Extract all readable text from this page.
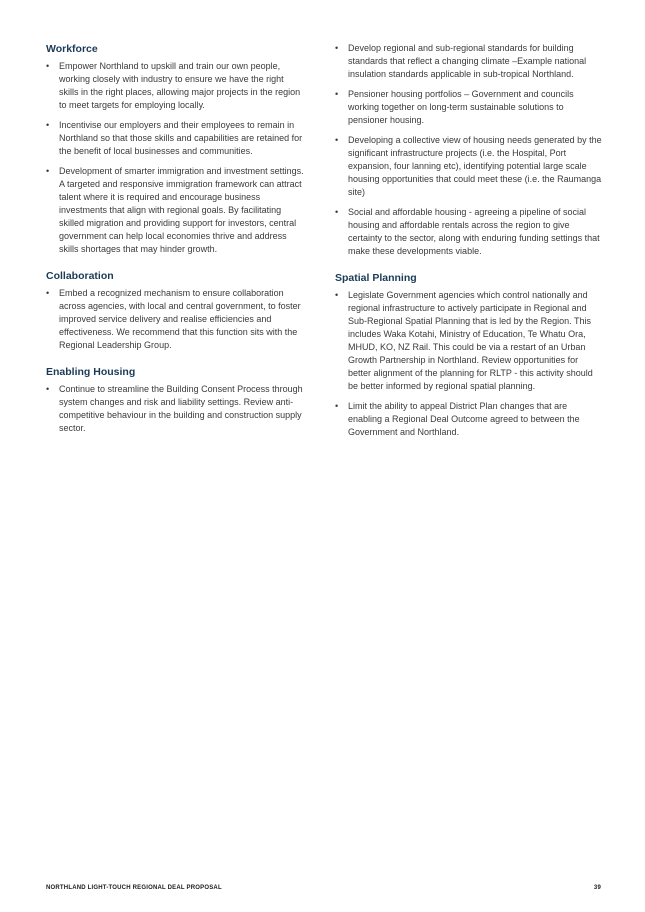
Workforce
• Empower Northland to upskill and train our own people, working closely with industry to ensure we have the right skills in the right places, allowing major projects in the region to meet targets for employing locally.
• Incentivise our employers and their employees to remain in Northland so that those skills and capabilities are retained for the benefit of local businesses and communities.
• Development of smarter immigration and investment settings. A targeted and responsive immigration framework can attract talent where it is required and encourage business investments that align with regional goals. By facilitating skilled migration and providing support for investors, central government can help local economies thrive and address skills shortages that may hinder growth.
Collaboration
• Embed a recognized mechanism to ensure collaboration across agencies, with local and central government, to foster improved service delivery and realise efficiencies and effectiveness. We recommend that this function sits with the Regional Leadership Group.
Enabling Housing
• Continue to streamline the Building Consent Process through system changes and risk and liability settings. Review anti-competitive behaviour in the building and construction supply sector.
• Develop regional and sub-regional standards for building standards that reflect a changing climate –Example national insulation standards applicable in sub-tropical Northland.
• Pensioner housing portfolios – Government and councils working together on long-term sustainable solutions to pensioner housing.
• Developing a collective view of housing needs generated by the significant infrastructure projects (i.e. the Hospital, Port expansion, four lanning etc), identifying potential large scale housing opportunities that could meet these (i.e. the Raumanga site)
• Social and affordable housing - agreeing a pipeline of social housing and affordable rentals across the region to give certainty to the sector, along with enduring funding settings that make these developments viable.
Spatial Planning
• Legislate Government agencies which control nationally and regional infrastructure to actively participate in Regional and Sub-Regional Spatial Planning that is led by the Region. This includes Waka Kotahi, Ministry of Education, Te Whatu Ora, MHUD, KO, NZ Rail. This could be via a restart of an Urban Growth Partnership in Northland. Review opportunities for better alignment of the planning for RLTP - this activity should be better informed by regional spatial planning.
• Limit the ability to appeal District Plan changes that are enabling a Regional Deal Outcome agreed to between the Government and Northland.
NORTHLAND LIGHT-TOUCH REGIONAL DEAL PROPOSAL	39
